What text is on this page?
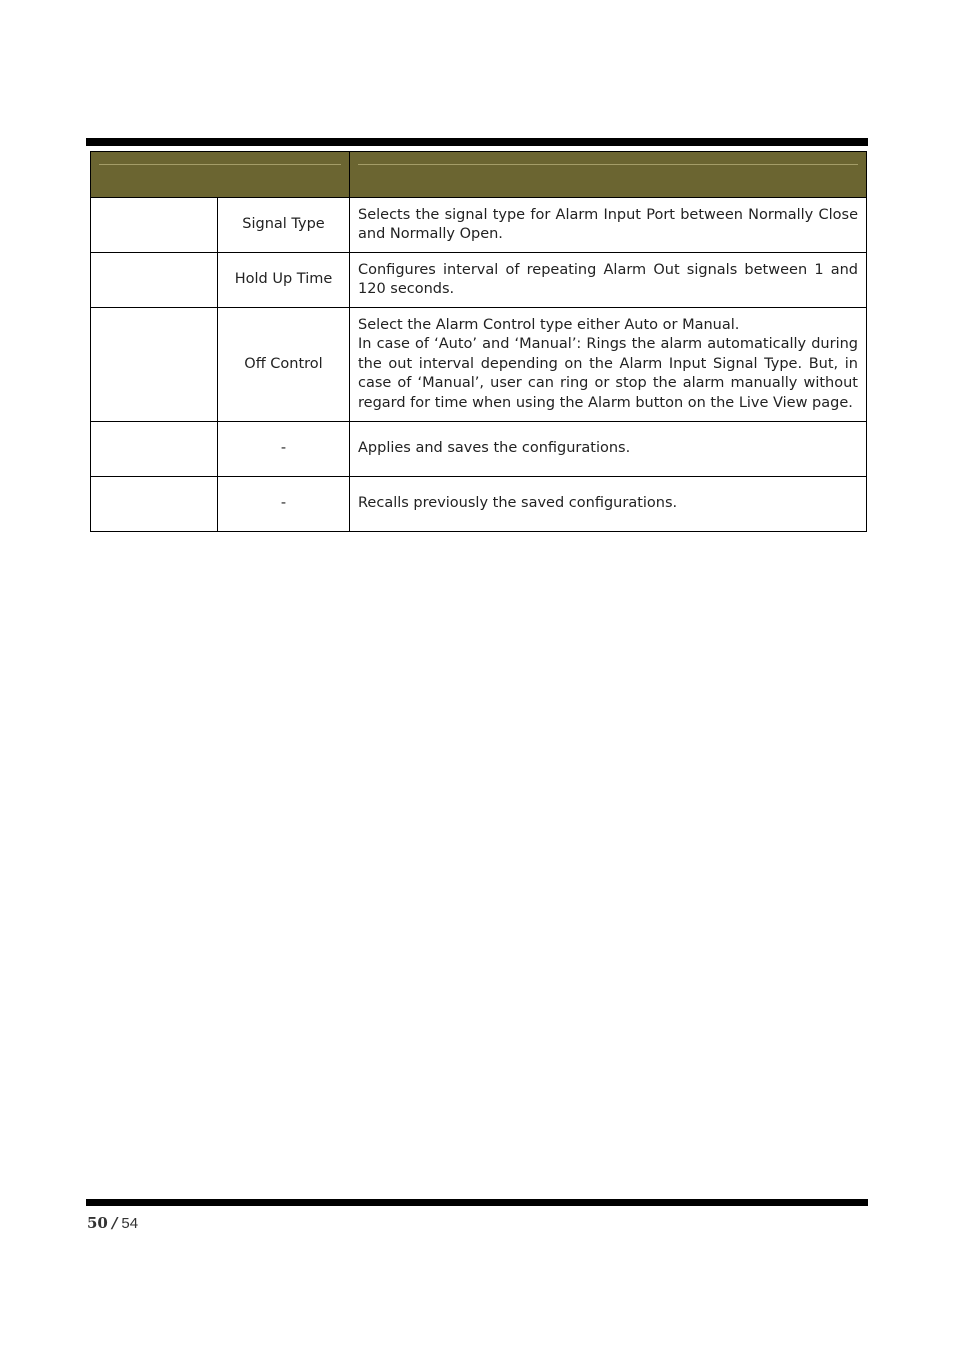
	Signal Type	Selects the signal type for Alarm Input Port between Normally Close and Normally Open.

	Hold Up Time	Configures interval of repeating Alarm Out signals between 1 and 120 seconds.

	Off Control	Select the Alarm Control type either Auto or Manual.
In case of ‘Auto’ and ‘Manual’: Rings the alarm automatically during the out interval depending on the Alarm Input Signal Type. But, in case of ‘Manual’, user can ring or stop the alarm manually without regard for time when using the Alarm button on the Live View page.

	-	Applies and saves the configurations.

	-	Recalls previously the saved configurations.
50 / 54
